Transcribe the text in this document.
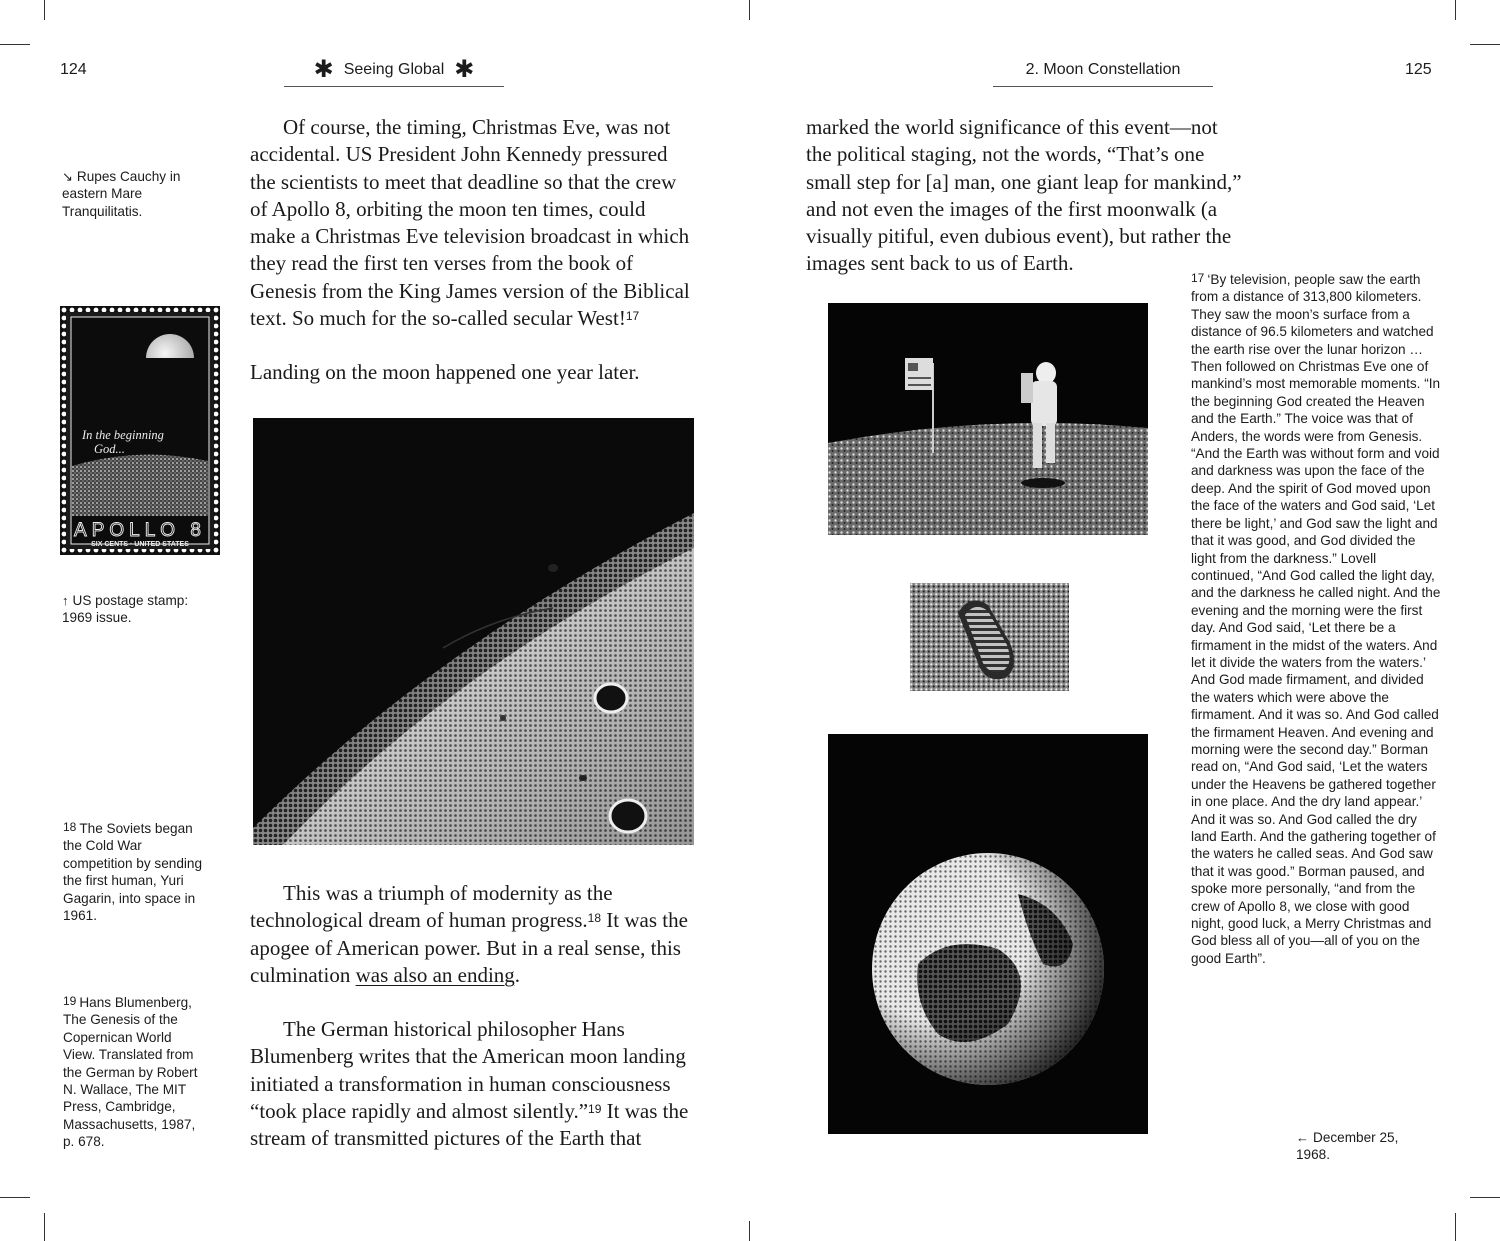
124	✱ Seeing Global ✱
↘ Rupes Cauchy in eastern Mare Tranquilitatis.
In the beginning
God...
APOLLO 8
SIX CENTS · UNITED STATES
↑ US postage stamp: 1969 issue.
18 The Soviets began the Cold War competition by sending the first human, Yuri Gagarin, into space in 1961.
19 Hans Blumenberg, The Genesis of the Copernican World View. Translated from the German by Robert N. Wallace, The MIT Press, Cambridge, Massachusetts, 1987, p. 678.

Of course, the timing, Christmas Eve, was not accidental. US President John Kennedy pressured the scientists to meet that deadline so that the crew of Apollo 8, orbiting the moon ten times, could make a Christmas Eve television broadcast in which they read the first ten verses from the book of Genesis from the King James version of the Biblical text. So much for the so-called secular West!$^{17}$

Landing on the moon happened one year later.

This was a triumph of modernity as the technological dream of human progress.$^{18}$ It was the apogee of American power. But in a real sense, this culmination was also an ending.

The German historical philosopher Hans Blumenberg writes that the American moon landing initiated a transformation in human consciousness “took place rapidly and almost silently.”$^{19}$ It was the stream of transmitted pictures of the Earth that

2. Moon Constellation	125

marked the world significance of this event—not the political staging, not the words, “That’s one small step for [a] man, one giant leap for mankind,” and not even the images of the first moonwalk (a visually pitiful, even dubious event), but rather the images sent back to us of Earth.

17 ‘By television, people saw the earth from a distance of 313,800 kilometers. They saw the moon’s surface from a distance of 96.5 kilometers and watched the earth rise over the lunar horizon … Then followed on Christmas Eve one of mankind’s most memorable moments. “In the beginning God created the Heaven and the Earth.” The voice was that of Anders, the words were from Genesis. “And the Earth was without form and void and darkness was upon the face of the deep. And the spirit of God moved upon the face of the waters and God said, ‘Let there be light,’ and God saw the light and that it was good, and God divided the light from the darkness.” Lovell continued, “And God called the light day, and the darkness he called night. And the evening and the morning were the first day. And God said, ‘Let there be a firmament in the midst of the waters. And let it divide the waters from the waters.’ And God made firmament, and divided the waters which were above the firmament. And it was so. And God called the firmament Heaven. And evening and morning were the second day.” Borman read on, “And God said, ‘Let the waters under the Heavens be gathered together in one place. And the dry land appear.’ And it was so. And God called the dry land Earth. And the gathering together of the waters he called seas. And God saw that it was good.” Borman paused, and spoke more personally, “and from the crew of Apollo 8, we close with good night, good luck, a Merry Christmas and God bless all of you—all of you on the good Earth”.
← December 25, 1968.
